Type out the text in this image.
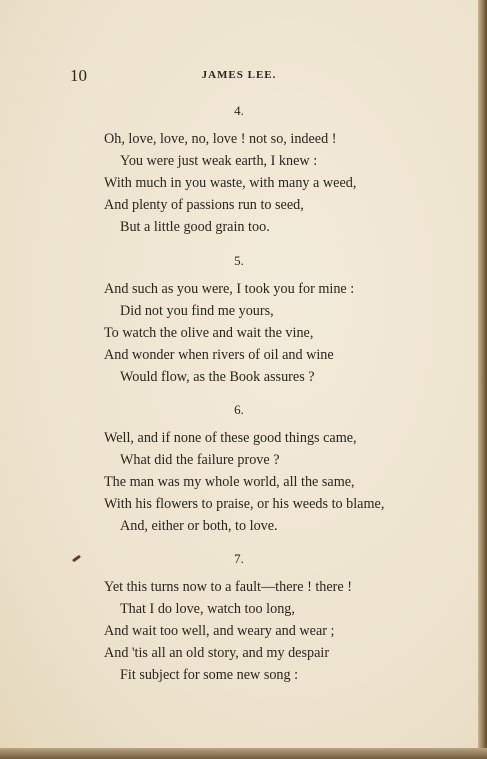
10	JAMES LEE.
4.
Oh, love, love, no, love ! not so, indeed !
You were just weak earth, I knew :
With much in you waste, with many a weed,
And plenty of passions run to seed,
But a little good grain too.
5.
And such as you were, I took you for mine :
Did not you find me yours,
To watch the olive and wait the vine,
And wonder when rivers of oil and wine
Would flow, as the Book assures ?
6.
Well, and if none of these good things came,
What did the failure prove ?
The man was my whole world, all the same,
With his flowers to praise, or his weeds to blame,
And, either or both, to love.
7.
Yet this turns now to a fault—there ! there !
That I do love, watch too long,
And wait too well, and weary and wear ;
And 'tis all an old story, and my despair
Fit subject for some new song :
